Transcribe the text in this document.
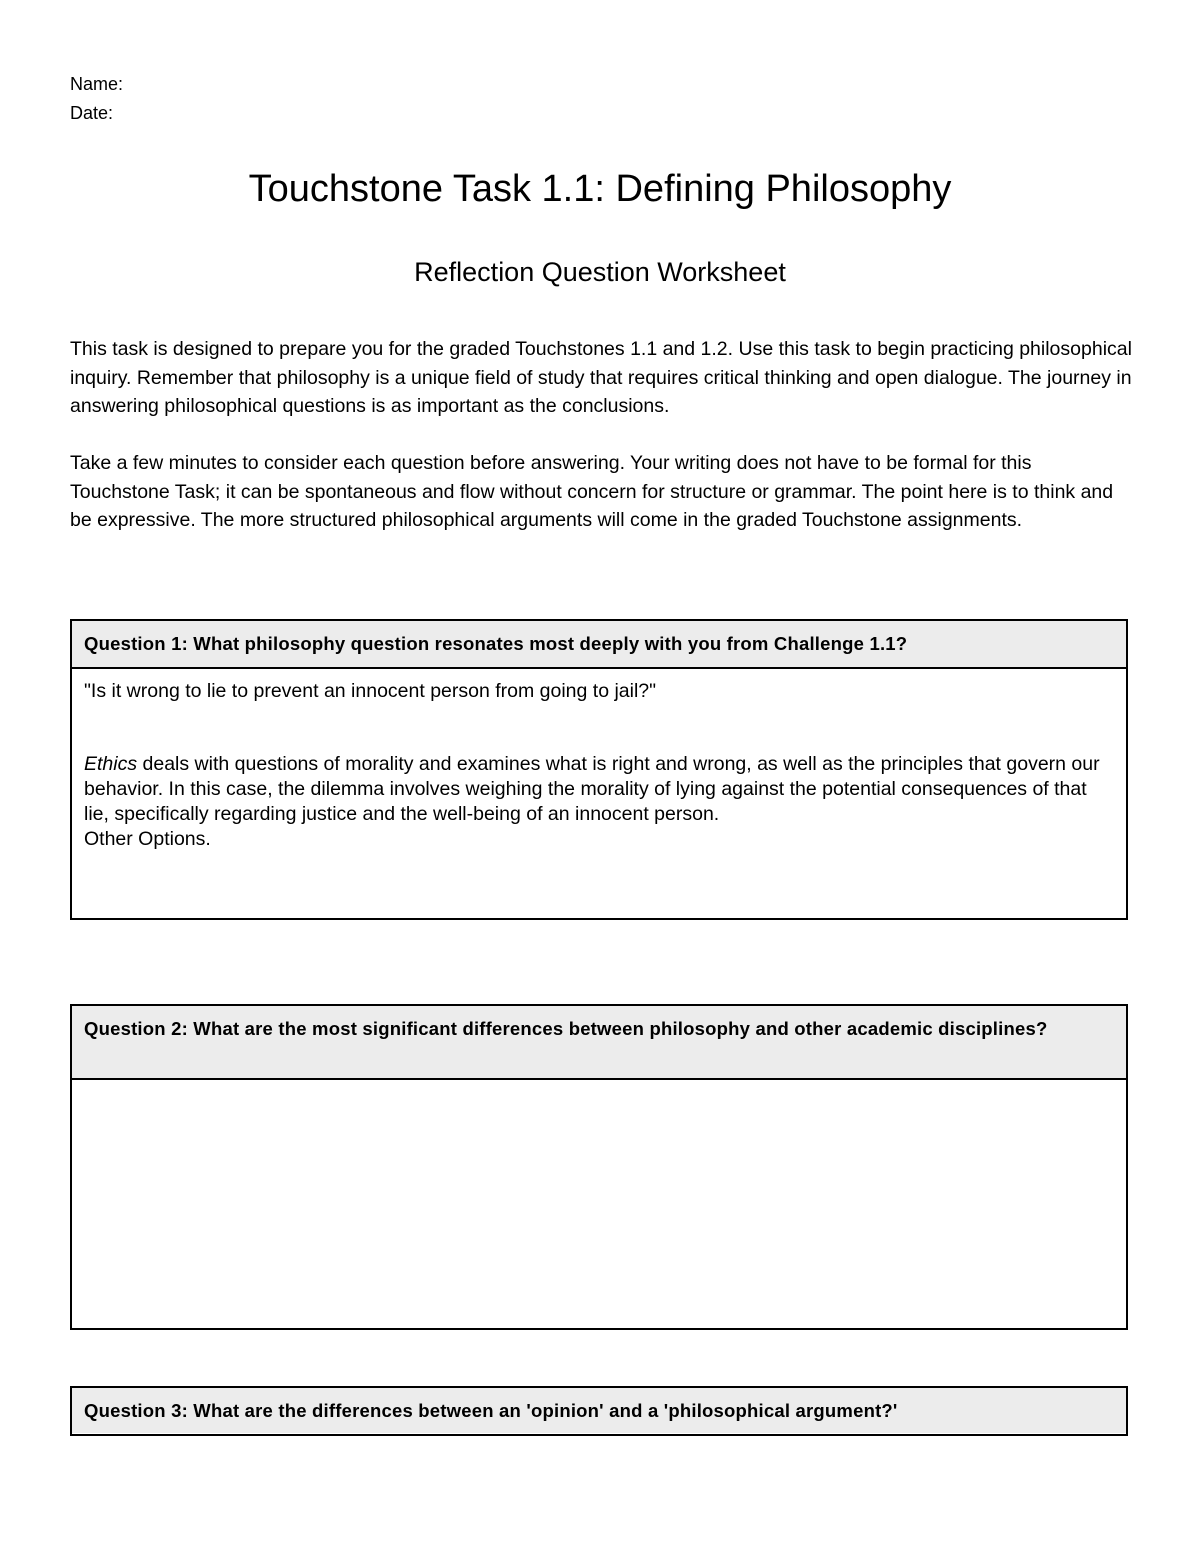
Name:
Date:
Touchstone Task 1.1: Defining Philosophy
Reflection Question Worksheet
This task is designed to prepare you for the graded Touchstones 1.1 and 1.2. Use this task to begin practicing philosophical inquiry. Remember that philosophy is a unique field of study that requires critical thinking and open dialogue. The journey in answering philosophical questions is as important as the conclusions.
Take a few minutes to consider each question before answering. Your writing does not have to be formal for this Touchstone Task; it can be spontaneous and flow without concern for structure or grammar. The point here is to think and be expressive. The more structured philosophical arguments will come in the graded Touchstone assignments.
Question 1: What philosophy question resonates most deeply with you from Challenge 1.1?

"Is it wrong to lie to prevent an innocent person from going to jail?"

Ethics deals with questions of morality and examines what is right and wrong, as well as the principles that govern our behavior. In this case, the dilemma involves weighing the morality of lying against the potential consequences of that lie, specifically regarding justice and the well-being of an innocent person.

Other Options.

Question 2: What are the most significant differences between philosophy and other academic disciplines?
Question 3: What are the differences between an 'opinion' and a 'philosophical argument?'
